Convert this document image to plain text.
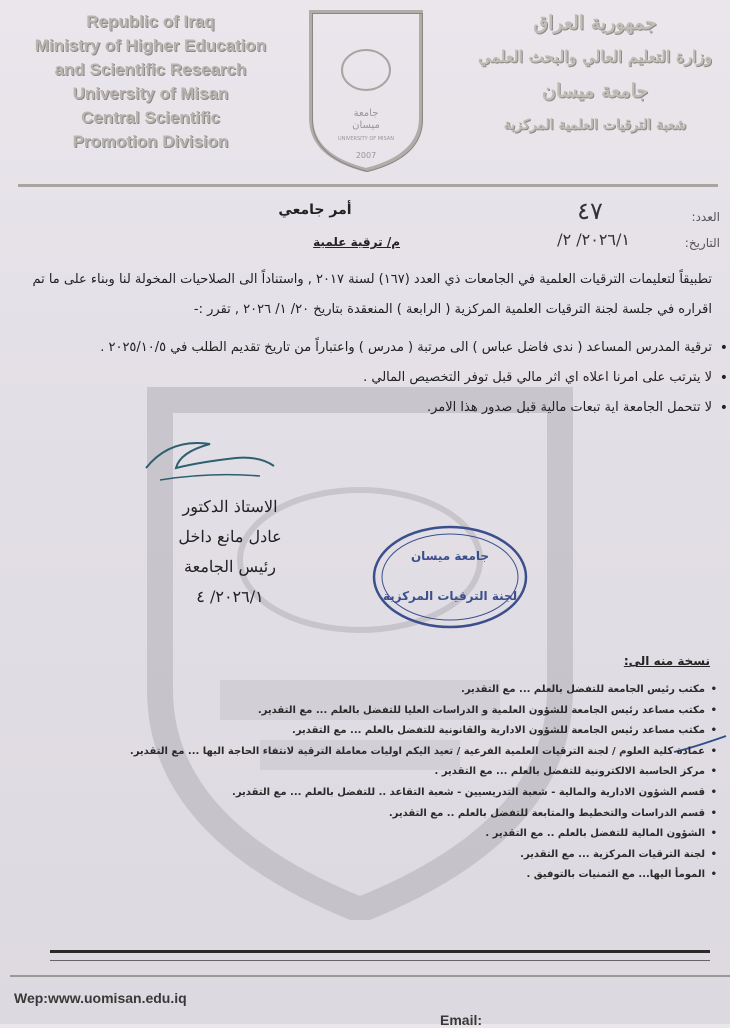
Republic of Iraq
Ministry of Higher Education
and Scientific Research
University of Misan
Central Scientific
Promotion Division
جامعة
ميسان
UNIVERSITY OF MISAN
2007
جمهورية العراق
وزارة التعليم العالي والبحث العلمي
جامعة ميسان
شعبة الترقيات العلمية المركزية
العدد:
٤٧
التاريخ:
٢٠٢٦/١/ ٢/
أمر جامعي
م/ ترقية علمية
تطبيقاً لتعليمات الترقيات العلمية في الجامعات ذي العدد (١٦٧) لسنة ٢٠١٧ , واستناداً الى الصلاحيات المخولة لنا وبناء على ما تم اقراره في جلسة لجنة الترقيات العلمية المركزية ( الرابعة ) المنعقدة بتاريخ ٢٠/ ١/ ٢٠٢٦ , تقرر :-
• ترقية المدرس المساعد ( ندى فاضل عباس ) الى مرتبة ( مدرس ) واعتباراً من تاريخ تقديم الطلب في ٢٠٢٥/١٠/٥ .
• لا يترتب على امرنا اعلاه اي اثر مالي قبل توفر التخصيص المالي .
• لا تتحمل الجامعة اية تبعات مالية قبل صدور هذا الامر.
الاستاذ الدكتور
عادل مانع داخل
رئيس الجامعة
٢٠٢٦/١/ ٤
جامعة ميسان
لجنة الترقيات المركزية
نسخة منه الى:
• مكتب رئيس الجامعة للتفضل بالعلم ... مع التقدير.
• مكتب مساعد رئيس الجامعة للشؤون العلمية و الدراسات العليا للتفضل بالعلم ... مع التقدير.
• مكتب مساعد رئيس الجامعة للشؤون الادارية والقانونية للتفضل بالعلم ... مع التقدير.
• عمادة كلية العلوم / لجنة الترقيات العلمية الفرعية / تعيد اليكم اوليات معاملة الترقية لانتفاء الحاجة اليها ... مع التقدير.
• مركز الحاسبة الالكترونية للتفضل بالعلم ... مع التقدير .
• قسم الشؤون الادارية والمالية - شعبة التدريسيين - شعبة التقاعد .. للتفضل بالعلم ... مع التقدير.
• قسم الدراسات والتخطيط والمتابعة للتفضل بالعلم .. مع التقدير.
• الشؤون المالية للتفضل بالعلم .. مع التقدير .
• لجنة الترقيات المركزية ... مع التقدير.
• المومأ اليها... مع التمنيات بالتوفيق .
Wep:www.uomisan.edu.iq
Email:
